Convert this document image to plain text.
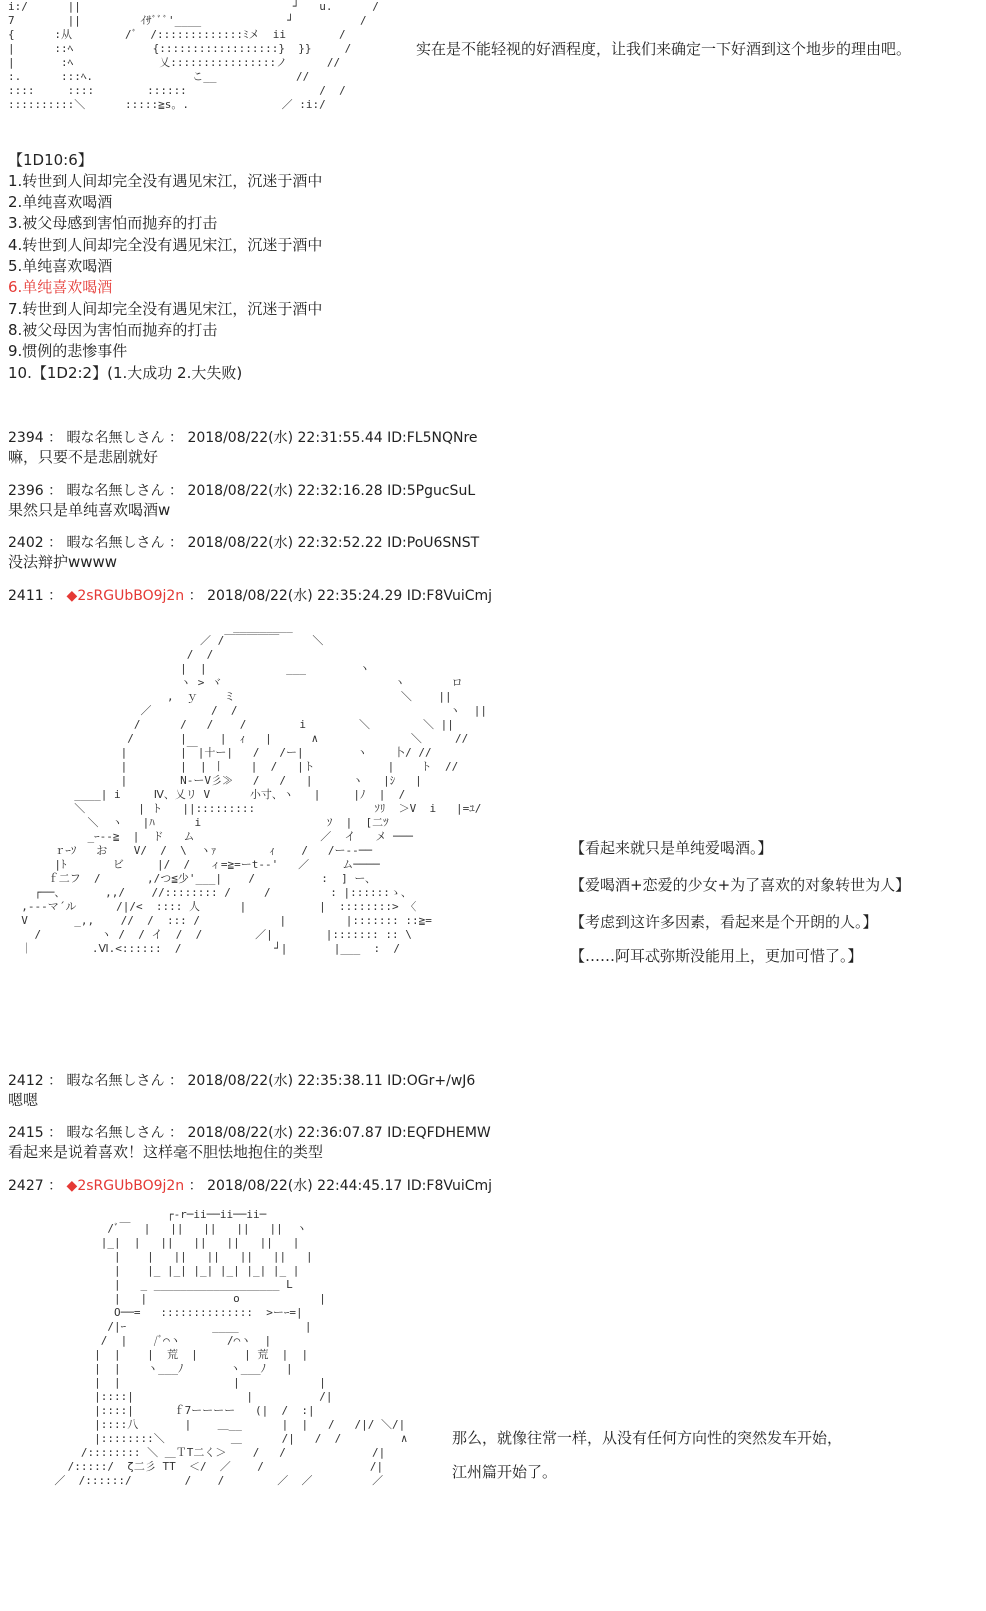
i:/      ||                                ┘   u.      /
7        ||         ｲｻﾞﾞﾞ'____             ┘          /
{      :从        /ﾞ  /:::::::::::::ﾐメ  ii        /
|      ::ﾍ            {::::::::::::::::::}  }}     /
|       :ﾍ             乂::::::::::::::::ノ      //
:.      :::ﾍ.               こ__            //
::::     ::::        ::::::                    /  /
::::::::::＼      :::::≧s。.              ／ :i:/

实在是不能轻视的好酒程度，让我们来确定一下好酒到这个地步的理由吧。
【1D10:6】
1.转世到人间却完全没有遇见宋江，沉迷于酒中
2.单纯喜欢喝酒
3.被父母感到害怕而抛弃的打击
4.转世到人间却完全没有遇见宋江，沉迷于酒中
5.单纯喜欢喝酒
6.单纯喜欢喝酒
7.转世到人间却完全没有遇见宋江，沉迷于酒中
8.被父母因为害怕而抛弃的打击
9.惯例的悲惨事件
10.【1D2:2】(1.大成功 2.大失败)
2394 ： 暇な名無しさん ： 2018/08/22(水) 22:31:55.44 ID:FL5NQNre
嘛，只要不是悲剧就好
2396 ： 暇な名無しさん ： 2018/08/22(水) 22:32:16.28 ID:5PgucSuL
果然只是单纯喜欢喝酒w
2402 ： 暇な名無しさん ： 2018/08/22(水) 22:32:52.22 ID:PoU6SNST
没法辩护wwww
2411 ： ◆2sRGUbBO9j2n ： 2018/08/22(水) 22:35:24.29 ID:F8VuiCmj
_________
／ /￣￣￣￣￣     ＼
/  /
|  |            ___        ヽ
ヽ > ヾ                          ヽ       ロ
,  ｙ    ミ                         ＼    ||
／         /  /                                ヽ  ||
/      /   /    /        i        ＼        ＼ ||
/       |     |  ｨ   |      ∧              ＼     //
|        |￣|十ー|   /   /ー|        ヽ    卜/ //
|        |  | 丨    |  /   |ト           |    ト  //
|        N-ーV彡≫   /   /   |      ヽ   |ｼ   |
____| i     Ⅳ、乂リ V      小寸、ヽ   |     |ﾉ  |  /
＼        | ト   ||:::::::::                  ｿﾘ  ＞V  i   |=ﾕ/
＼  ヽ   |ﾊ      i                   ｿ  |  [二ﾂ
_ｰ-‐≧  |  ド   ム                   ／  イ   メ ───
ｒｰｿ   お    V/  /  \  ヽｧ        ｨ    /   /ー‐‐──
|ﾄ       ビ     |/  /   ィ=≧=ーt-‐'   ／     ム────
ｆ二フ  /       ,/つ≦少'___|    /          :  ] ー、
┌──、      ,,/    //:::::::: /     /         : |::::::ゝ、
,---マ´ル      /|/<  :::: 人      |           |  ::::::::> 〈
V       _,,    //  /  ::: /            |         |::::::: ::≧=
/         ヽ /  / イ  /  /        ／|        |::::::: :: \
｜         .Ⅵ.<::::::  /              ┘|       |___  :  /

【看起来就只是单纯爱喝酒。】
【爱喝酒+恋爱的少女+为了喜欢的对象转世为人】
【考虑到这许多因素，看起来是个开朗的人。】
【……阿耳忒弥斯没能用上，更加可惜了。】
2412 ： 暇な名無しさん ： 2018/08/22(水) 22:35:38.11 ID:OGr+/wJ6
嗯嗯
2415 ： 暇な名無しさん ： 2018/08/22(水) 22:36:07.87 ID:EQFDHEMW
看起来是说着喜欢！这样毫不胆怯地抱住的类型
2427 ： ◆2sRGUbBO9j2n ： 2018/08/22(水) 22:44:45.17 ID:F8VuiCmj
┌‐r─ii──ii──ii─
/ﾞ￣  |   ||   ||   ||   ||  ヽ
|_|  |   ||   ||   ||   ||   |
|    |   ||   ||   ||   ||   |
|    |_ |_| |_| |_| |_| |_ |
|   _ ___________________ L
|   |             o            |
O──=   ::::::::::::::  >ーｰ=|
/|ｰ             ____          |
/  |    /ﾞ⌒ヽ       /⌒ヽ  |
|  |    |  荒  |       | 荒  |  |
|  |    ヽ___ﾉ       ヽ___ﾉ   |
|  |                 |            |
|::::|                 |          /|
|::::|      ｆ7ーーーー   (|  /  :|
|::::八       |    ＿__      |  |   /   /|/ ＼/|
|::::::::＼          ＿      /|   /  /         ∧
/:::::::: ＼ ＿ＴT二く＞    /   /             /|
/:::::/  ζ二彡 TT  ＜/  ／    /                /|
／  /::::::/        /    /        ／  ／         ／

那么，就像往常一样，从没有任何方向性的突然发车开始，
江州篇开始了。
